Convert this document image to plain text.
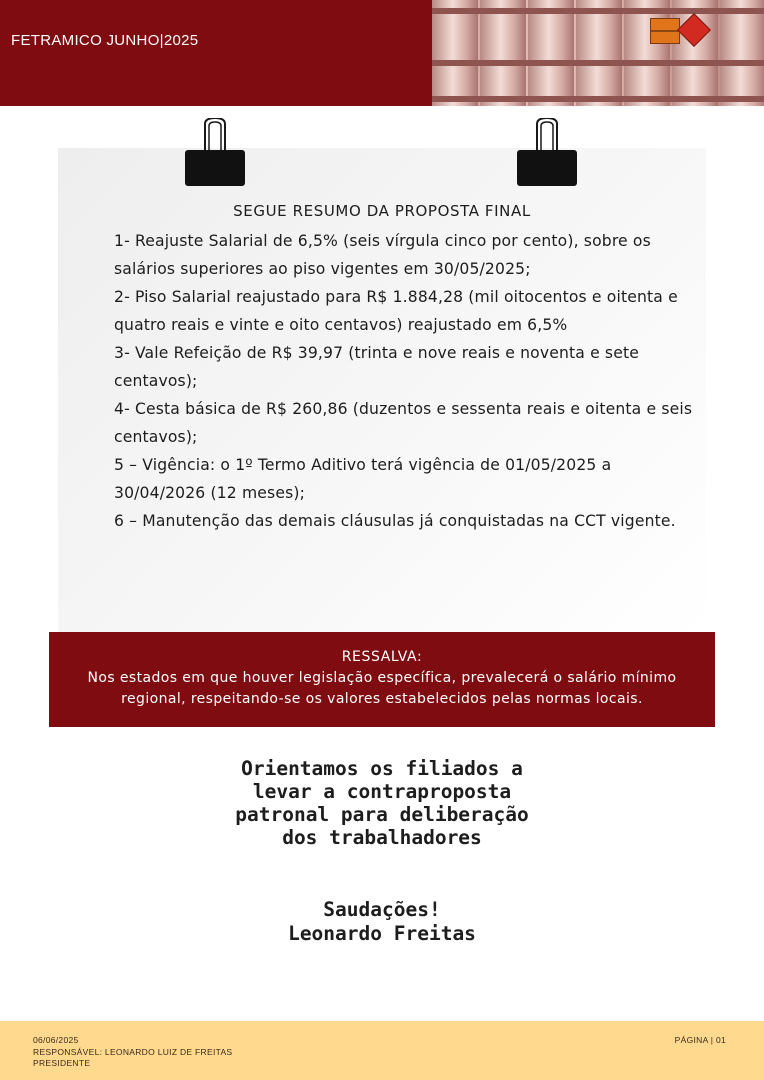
FETRAMICO JUNHO|2025
SEGUE RESUMO DA PROPOSTA FINAL
1- Reajuste Salarial de 6,5% (seis vírgula cinco por cento), sobre os salários superiores ao piso vigentes em 30/05/2025;
2- Piso Salarial reajustado para R$ 1.884,28 (mil oitocentos e oitenta e quatro reais e vinte e oito centavos) reajustado em 6,5%
3- Vale Refeição de R$ 39,97 (trinta e nove reais e noventa e sete centavos);
4- Cesta básica de R$ 260,86 (duzentos e sessenta reais e oitenta e seis centavos);
5 – Vigência: o 1º Termo Aditivo terá vigência de 01/05/2025 a 30/04/2026 (12 meses);
6 – Manutenção das demais cláusulas já conquistadas na CCT vigente.
RESSALVA:
Nos estados em que houver legislação específica, prevalecerá o salário mínimo regional, respeitando-se os valores estabelecidos pelas normas locais.
Orientamos os filiados a
levar a contraproposta
patronal para deliberação
dos trabalhadores
Saudações!
Leonardo Freitas
06/06/2025
RESPONSÁVEL: LEONARDO LUIZ DE FREITAS
PRESIDENTE
PÁGINA | 01
